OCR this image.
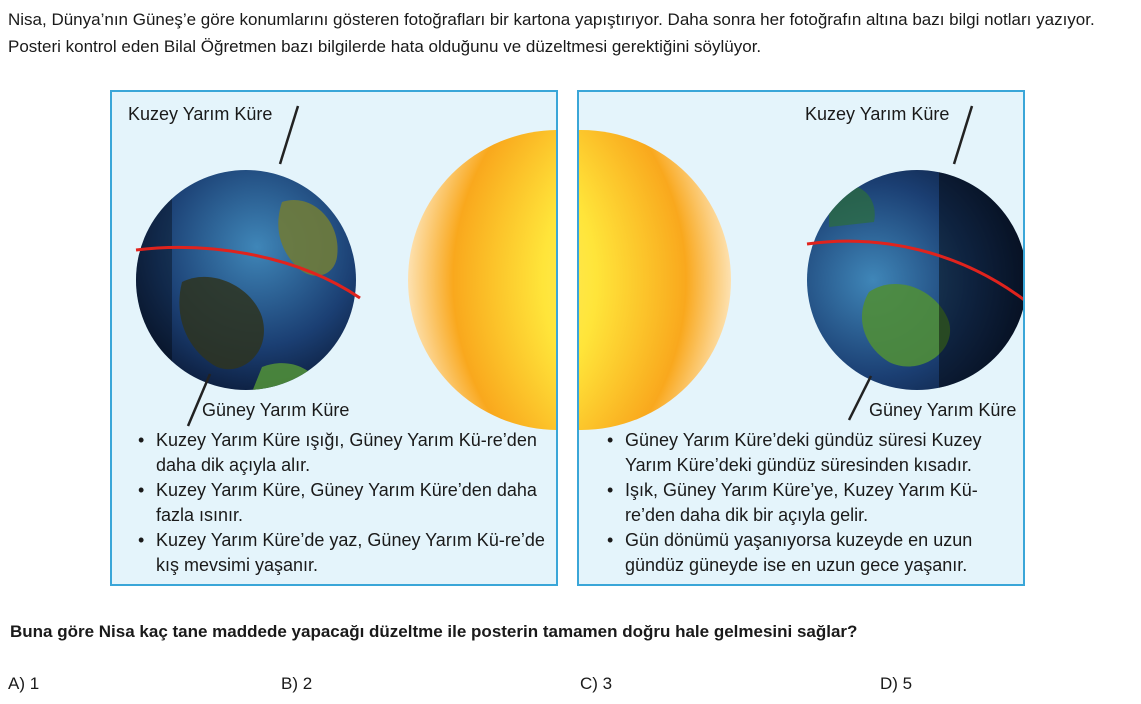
Nisa, Dünya’nın Güneş’e göre konumlarını gösteren fotoğrafları bir kartona yapıştırıyor. Daha sonra her fotoğrafın altına bazı bilgi notları yazıyor. Posteri kontrol eden Bilal Öğretmen bazı bilgilerde hata olduğunu ve düzeltmesi gerektiğini söylüyor.

Kuzey Yarım Küre
Güney Yarım Küre
• Kuzey Yarım Küre ışığı, Güney Yarım Kü-re’den daha dik açıyla alır.
• Kuzey Yarım Küre, Güney Yarım Küre’den daha fazla ısınır.
• Kuzey Yarım Küre’de yaz, Güney Yarım Kü-re’de kış mevsimi yaşanır.
Kuzey Yarım Küre
Güney Yarım Küre
• Güney Yarım Küre’deki gündüz süresi Kuzey Yarım Küre’deki gündüz süresinden kısadır.
• Işık, Güney Yarım Küre’ye, Kuzey Yarım Kü-re’den daha dik bir açıyla gelir.
• Gün dönümü yaşanıyorsa kuzeyde en uzun gündüz güneyde ise en uzun gece yaşanır.

Buna göre Nisa kaç tane maddede yapacağı düzeltme ile posterin tamamen doğru hale gelmesini sağlar?

A) 1	B) 2	C) 3	D) 5
